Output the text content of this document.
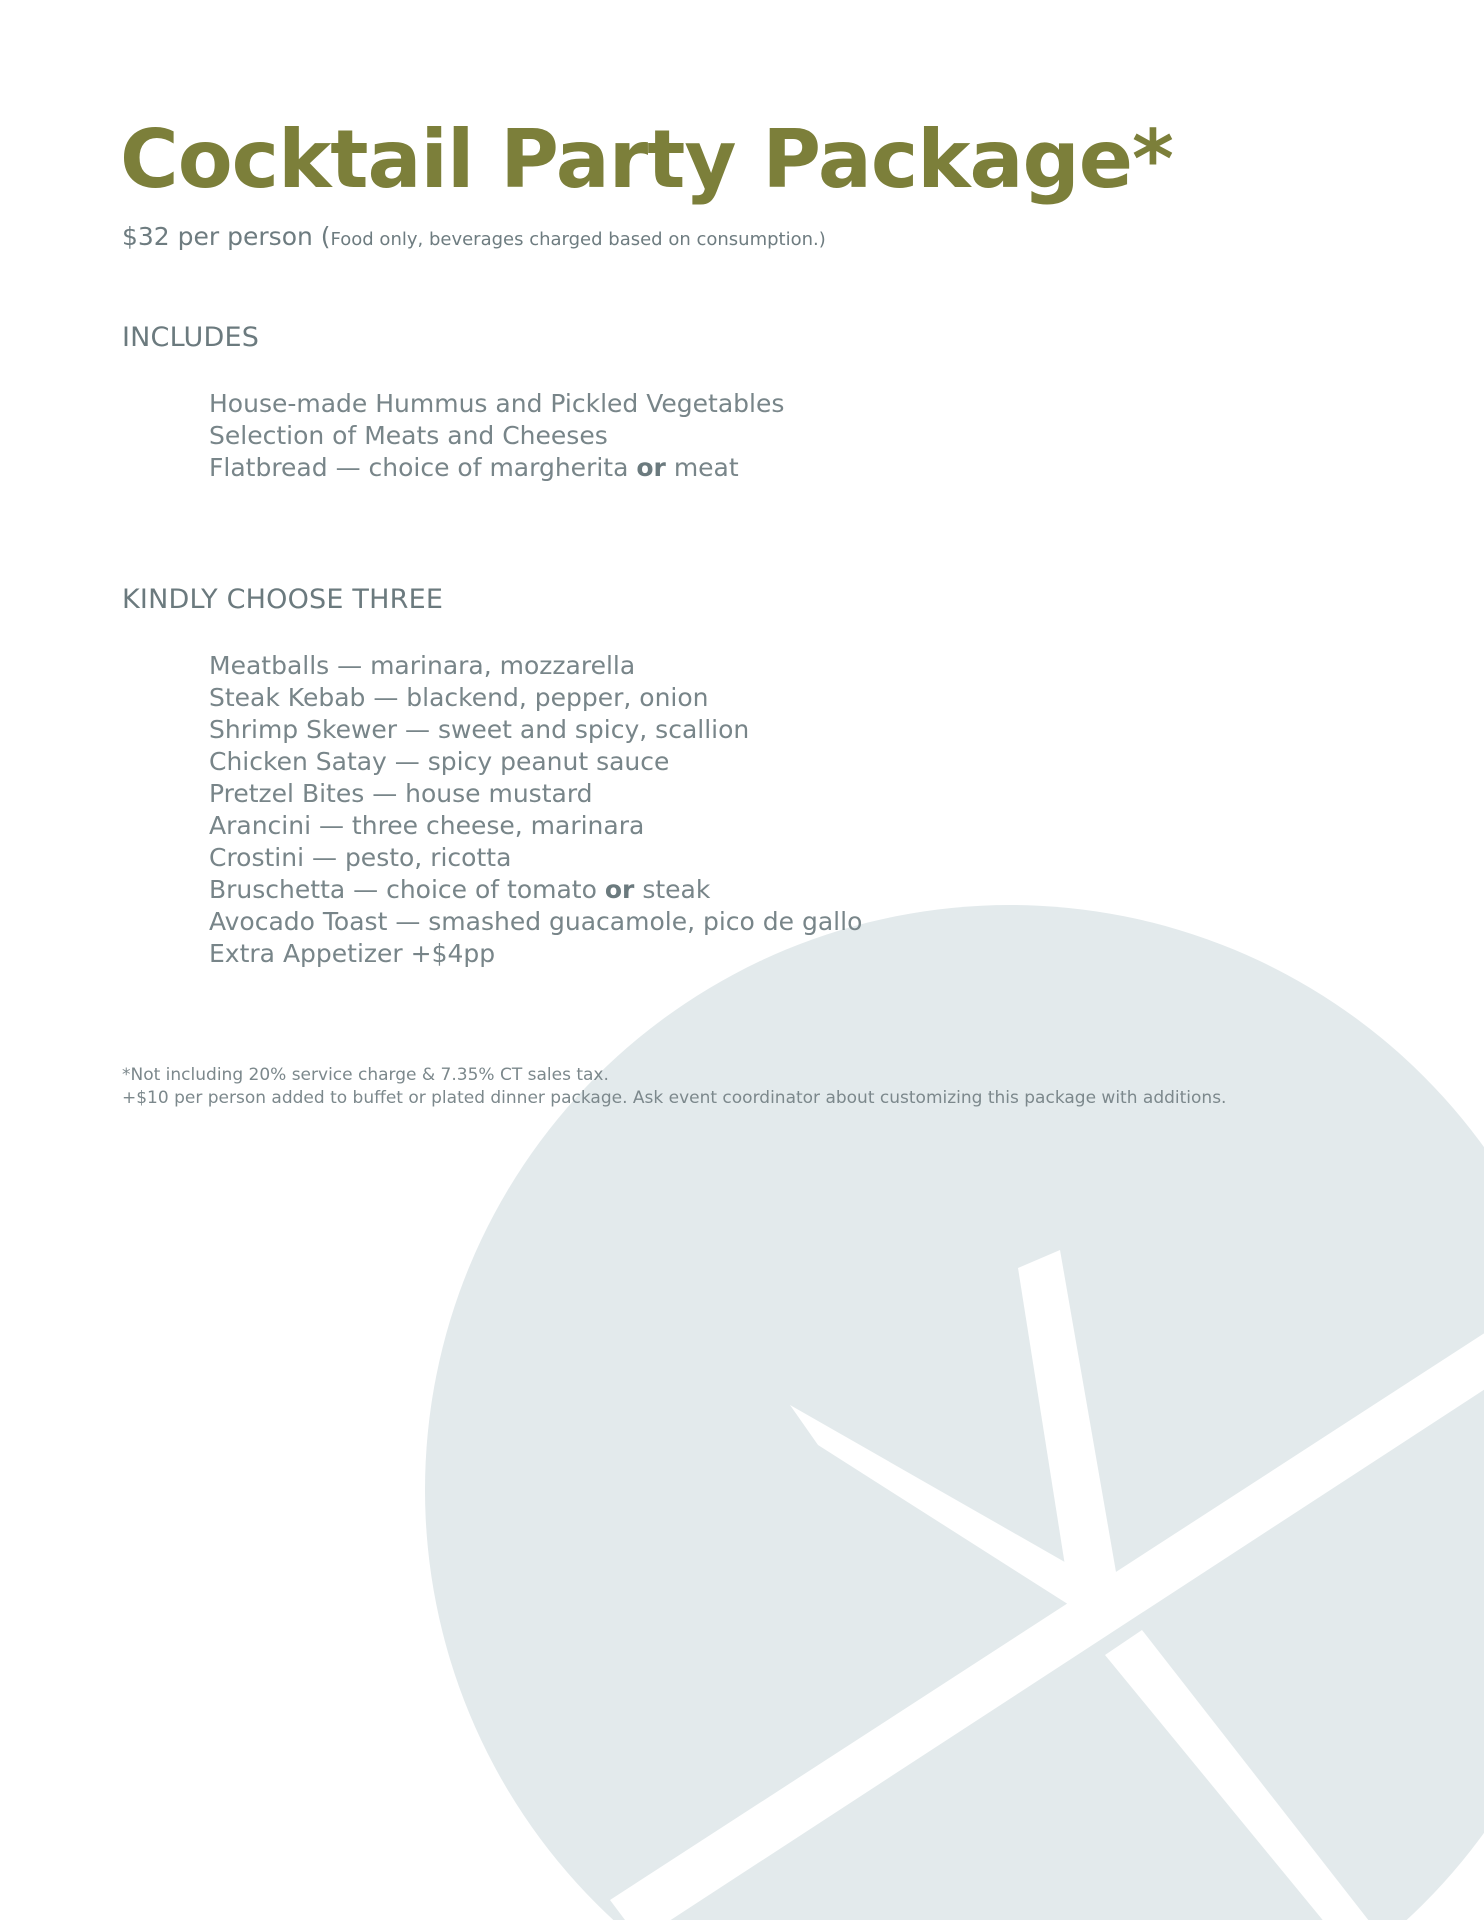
Cocktail Party Package*

$32 per person (Food only, beverages charged based on consumption.)

INCLUDES
House-made Hummus and Pickled Vegetables
Selection of Meats and Cheeses
Flatbread — choice of margherita or meat
KINDLY CHOOSE THREE
Meatballs — marinara, mozzarella
Steak Kebab — blackend, pepper, onion
Shrimp Skewer — sweet and spicy, scallion
Chicken Satay — spicy peanut sauce
Pretzel Bites — house mustard
Arancini — three cheese, marinara
Crostini — pesto, ricotta
Bruschetta — choice of tomato or steak
Avocado Toast — smashed guacamole, pico de gallo
Extra Appetizer +$4pp

*Not including 20% service charge & 7.35% CT sales tax.

+$10 per person added to buffet or plated dinner package. Ask event coordinator about customizing this package with additions.
